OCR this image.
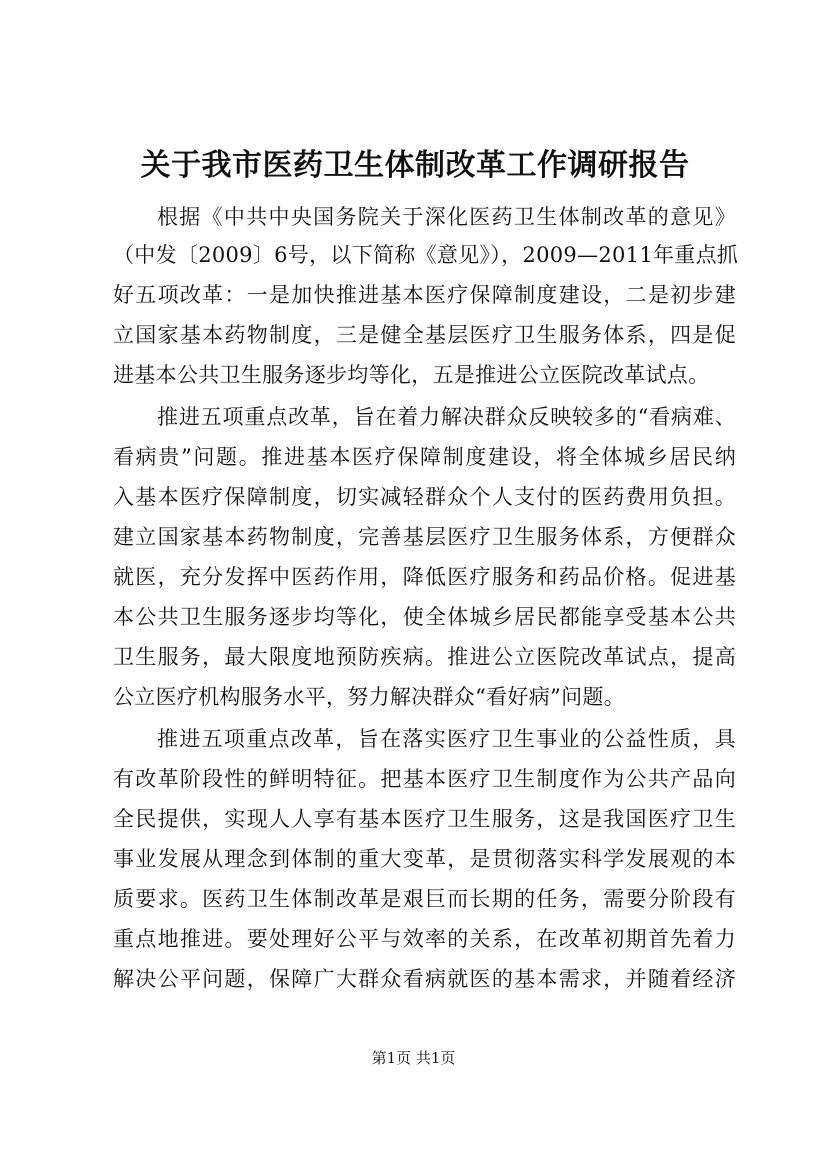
关于我市医药卫生体制改革工作调研报告
根据《中共中央国务院关于深化医药卫生体制改革的意见》
（中发〔2009〕6号，以下简称《意见》），2009—2011年重点抓
好五项改革：一是加快推进基本医疗保障制度建设，二是初步建
立国家基本药物制度，三是健全基层医疗卫生服务体系，四是促
进基本公共卫生服务逐步均等化，五是推进公立医院改革试点。
推进五项重点改革，旨在着力解决群众反映较多的“看病难、
看病贵”问题。推进基本医疗保障制度建设，将全体城乡居民纳
入基本医疗保障制度，切实减轻群众个人支付的医药费用负担。
建立国家基本药物制度，完善基层医疗卫生服务体系，方便群众
就医，充分发挥中医药作用，降低医疗服务和药品价格。促进基
本公共卫生服务逐步均等化，使全体城乡居民都能享受基本公共
卫生服务，最大限度地预防疾病。推进公立医院改革试点，提高
公立医疗机构服务水平，努力解决群众“看好病”问题。
推进五项重点改革，旨在落实医疗卫生事业的公益性质，具
有改革阶段性的鲜明特征。把基本医疗卫生制度作为公共产品向
全民提供，实现人人享有基本医疗卫生服务，这是我国医疗卫生
事业发展从理念到体制的重大变革，是贯彻落实科学发展观的本
质要求。医药卫生体制改革是艰巨而长期的任务，需要分阶段有
重点地推进。要处理好公平与效率的关系，在改革初期首先着力
解决公平问题，保障广大群众看病就医的基本需求，并随着经济
第1页 共1页
